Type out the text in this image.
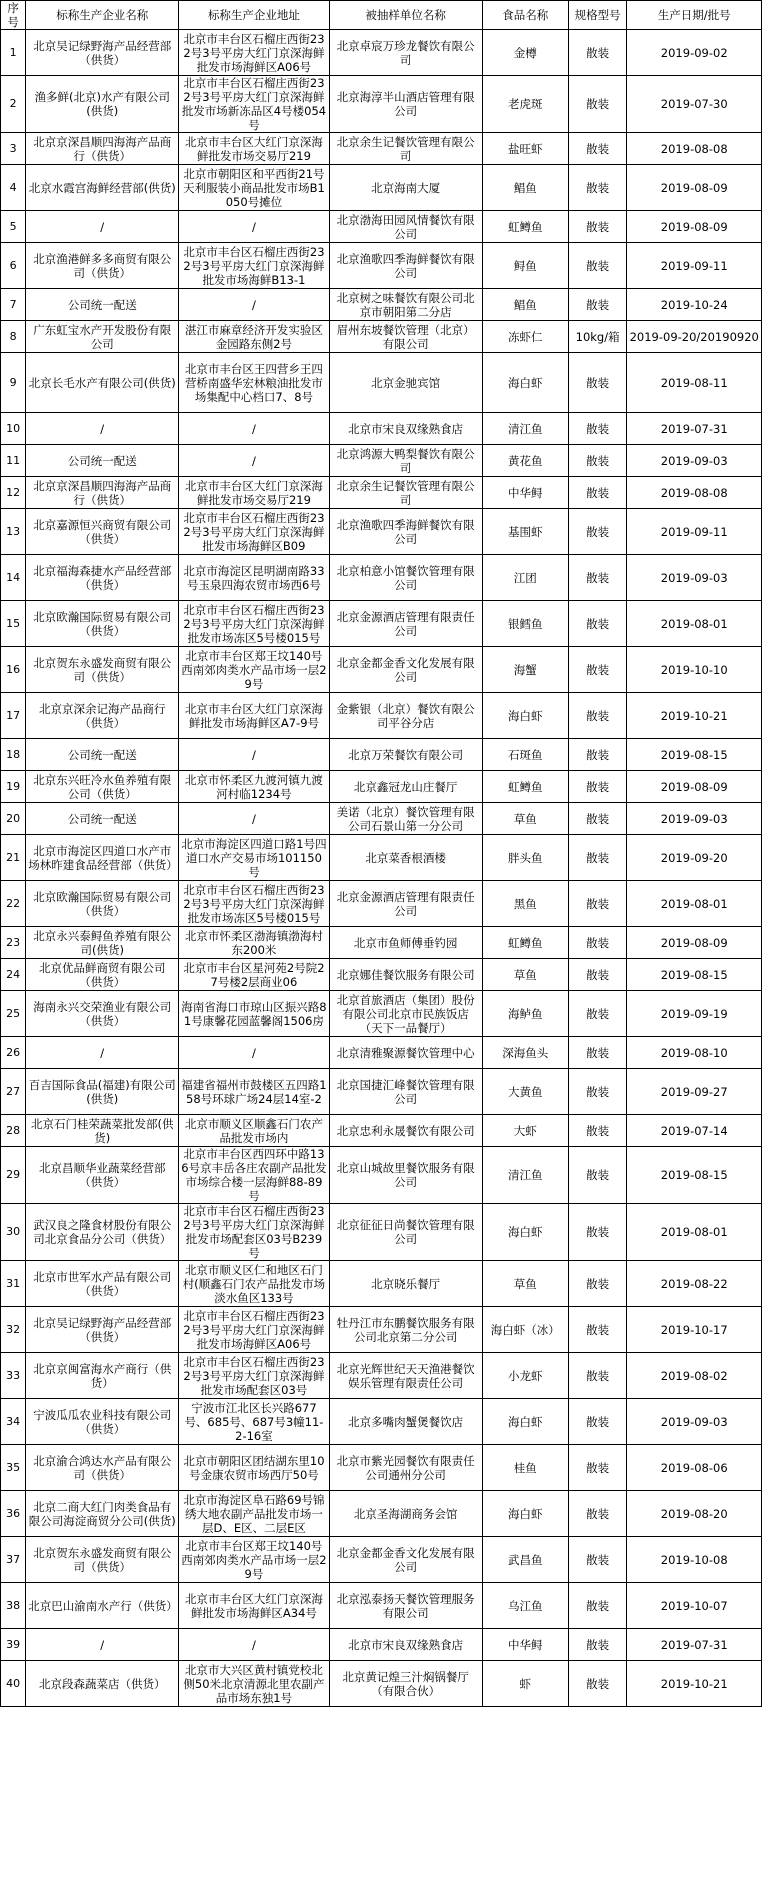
序号	标称生产企业名称	标称生产企业地址	被抽样单位名称	食品名称	规格型号	生产日期/批号
1	北京吴记绿野海产品经营部（供货）	北京市丰台区石榴庄西街232号3号平房大红门京深海鲜批发市场海鲜区A06号	北京卓宸万珍龙餐饮有限公司	金樽	散装	2019-09-02
2	渔多鲜(北京)水产有限公司(供货)	北京市丰台区石榴庄西街232号3号平房大红门京深海鲜批发市场新冻品区4号楼054号	北京海淳半山酒店管理有限公司	老虎斑	散装	2019-07-30
3	北京京深昌顺四海海产品商行（供货）	北京市丰台区大红门京深海鲜批发市场交易厅219	北京余生记餐饮管理有限公司	盐旺虾	散装	2019-08-08
4	北京水霞宫海鲜经营部(供货)	北京市朝阳区和平西街21号天利服装小商品批发市场B1050号摊位	北京海南大厦	鲳鱼	散装	2019-08-09
5	/	/	北京渤海田园风情餐饮有限公司	虹鳟鱼	散装	2019-08-09
6	北京渔港鲜多多商贸有限公司（供货）	北京市丰台区石榴庄西街232号3号平房大红门京深海鲜批发市场海鲜B13-1	北京渔歌四季海鲜餐饮有限公司	鲟鱼	散装	2019-09-11
7	公司统一配送	/	北京树之味餐饮有限公司北京市朝阳第二分店	鲳鱼	散装	2019-10-24
8	广东虹宝水产开发股份有限公司	湛江市麻章经济开发实验区金园路东侧2号	眉州东坡餐饮管理（北京）有限公司	冻虾仁	10kg/箱	2019-09-20/20190920
9	北京长毛水产有限公司(供货)	北京市丰台区王四营乡王四营桥南盛华宏林粮油批发市场集配中心档口7、8号	北京金驰宾馆	海白虾	散装	2019-08-11
10	/	/	北京市宋良双缘熟食店	清江鱼	散装	2019-07-31
11	公司统一配送	/	北京鸿源大鸭梨餐饮有限公司	黄花鱼	散装	2019-09-03
12	北京京深昌顺四海海产品商行（供货）	北京市丰台区大红门京深海鲜批发市场交易厅219	北京余生记餐饮管理有限公司	中华鲟	散装	2019-08-08
13	北京嘉源恒兴商贸有限公司（供货）	北京市丰台区石榴庄西街232号3号平房大红门京深海鲜批发市场海鲜区B09	北京渔歌四季海鲜餐饮有限公司	基围虾	散装	2019-09-11
14	北京福海森捷水产品经营部（供货）	北京市海淀区昆明湖南路33号玉泉四海农贸市场西6号	北京柏意小馆餐饮管理有限公司	江团	散装	2019-09-03
15	北京欧瀚国际贸易有限公司（供货）	北京市丰台区石榴庄西街232号3号平房大红门京深海鲜批发市场冻区5号楼015号	北京金源酒店管理有限责任公司	银鳕鱼	散装	2019-08-01
16	北京贺东永盛发商贸有限公司（供货）	北京市丰台区郑王坟140号西南郊肉类水产品市场一层29号	北京金都金香文化发展有限公司	海蟹	散装	2019-10-10
17	北京京深余记海产品商行（供货）	北京市丰台区大红门京深海鲜批发市场海鲜区A7-9号	金紫银（北京）餐饮有限公司平谷分店	海白虾	散装	2019-10-21
18	公司统一配送	/	北京万荣餐饮有限公司	石斑鱼	散装	2019-08-15
19	北京东兴旺冷水鱼养殖有限公司（供货）	北京市怀柔区九渡河镇九渡河村临1234号	北京鑫冠龙山庄餐厅	虹鳟鱼	散装	2019-08-09
20	公司统一配送	/	美诺（北京）餐饮管理有限公司石景山第一分公司	草鱼	散装	2019-09-03
21	北京市海淀区四道口水产市场林昨建食品经营部（供货）	北京市海淀区四道口路1号四道口水产交易市场101150号	北京菜香根酒楼	胖头鱼	散装	2019-09-20
22	北京欧瀚国际贸易有限公司（供货）	北京市丰台区石榴庄西街232号3号平房大红门京深海鲜批发市场冻区5号楼015号	北京金源酒店管理有限责任公司	黑鱼	散装	2019-08-01
23	北京永兴泰鲟鱼养殖有限公司(供货)	北京市怀柔区渤海镇渤海村东200米	北京市鱼师傅垂钓园	虹鳟鱼	散装	2019-08-09
24	北京优品鲜商贸有限公司（供货）	北京市丰台区星河苑2号院27号楼2层商业06	北京娜佳餐饮服务有限公司	草鱼	散装	2019-08-15
25	海南永兴交荣渔业有限公司（供货）	海南省海口市琼山区振兴路81号康馨花园蓝馨阁1506房	北京首旅酒店（集团）股份有限公司北京市民族饭店（天下一品餐厅）	海鲈鱼	散装	2019-09-19
26	/	/	北京清雅聚源餐饮管理中心	深海鱼头	散装	2019-08-10
27	百吉国际食品(福建)有限公司(供货)	福建省福州市鼓楼区五四路158号环球广场24层14室-2	北京国捷汇峰餐饮管理有限公司	大黄鱼	散装	2019-09-27
28	北京石门桂荣蔬菜批发部(供货)	北京市顺义区顺鑫石门农产品批发市场内	北京忠利永晟餐饮有限公司	大虾	散装	2019-07-14
29	北京昌顺华业蔬菜经营部（供货）	北京市丰台区西四环中路136号京丰岳各庄农副产品批发市场综合楼一层海鲜88-89号	北京山城故里餐饮服务有限公司	清江鱼	散装	2019-08-15
30	武汉良之隆食材股份有限公司北京食品分公司（供货）	北京市丰台区石榴庄西街232号3号平房大红门京深海鲜批发市场配套区03号B239号	北京征征日尚餐饮管理有限公司	海白虾	散装	2019-08-01
31	北京市世军水产品有限公司（供货）	北京市顺义区仁和地区石门村(顺鑫石门农产品批发市场淡水鱼区133号	北京晓乐餐厅	草鱼	散装	2019-08-22
32	北京吴记绿野海产品经营部（供货）	北京市丰台区石榴庄西街232号3号平房大红门京深海鲜批发市场海鲜区A06号	牡丹江市东鹏餐饮服务有限公司北京第二分公司	海白虾（冰）	散装	2019-10-17
33	北京京闽富海水产商行（供货）	北京市丰台区石榴庄西街232号3号平房大红门京深海鲜批发市场配套区03号	北京光辉世纪天天渔港餐饮娱乐管理有限责任公司	小龙虾	散装	2019-08-02
34	宁波瓜瓜农业科技有限公司（供货）	宁波市江北区长兴路677号、685号、687号3幢11-2-16室	北京多嘴肉蟹煲餐饮店	海白虾	散装	2019-09-03
35	北京渝合鸿达水产品有限公司（供货）	北京市朝阳区团结湖东里10号金康农贸市场西厅50号	北京市紫光园餐饮有限责任公司通州分公司	桂鱼	散装	2019-08-06
36	北京二商大红门肉类食品有限公司海淀商贸分公司(供货)	北京市海淀区阜石路69号锦绣大地农副产品批发市场一层D、E区、二层E区	北京圣海湖商务会馆	海白虾	散装	2019-08-20
37	北京贺东永盛发商贸有限公司（供货）	北京市丰台区郑王坟140号西南郊肉类水产品市场一层29号	北京金都金香文化发展有限公司	武昌鱼	散装	2019-10-08
38	北京巴山渝南水产行（供货）	北京市丰台区大红门京深海鲜批发市场海鲜区A34号	北京泓泰扬天餐饮管理服务有限公司	乌江鱼	散装	2019-10-07
39	/	/	北京市宋良双缘熟食店	中华鲟	散装	2019-07-31
40	北京段森蔬菜店（供货）	北京市大兴区黄村镇党校北侧50米北京清源北里农副产品市场东独1号	北京黄记煌三汁焖锅餐厅（有限合伙）	虾	散装	2019-10-21
